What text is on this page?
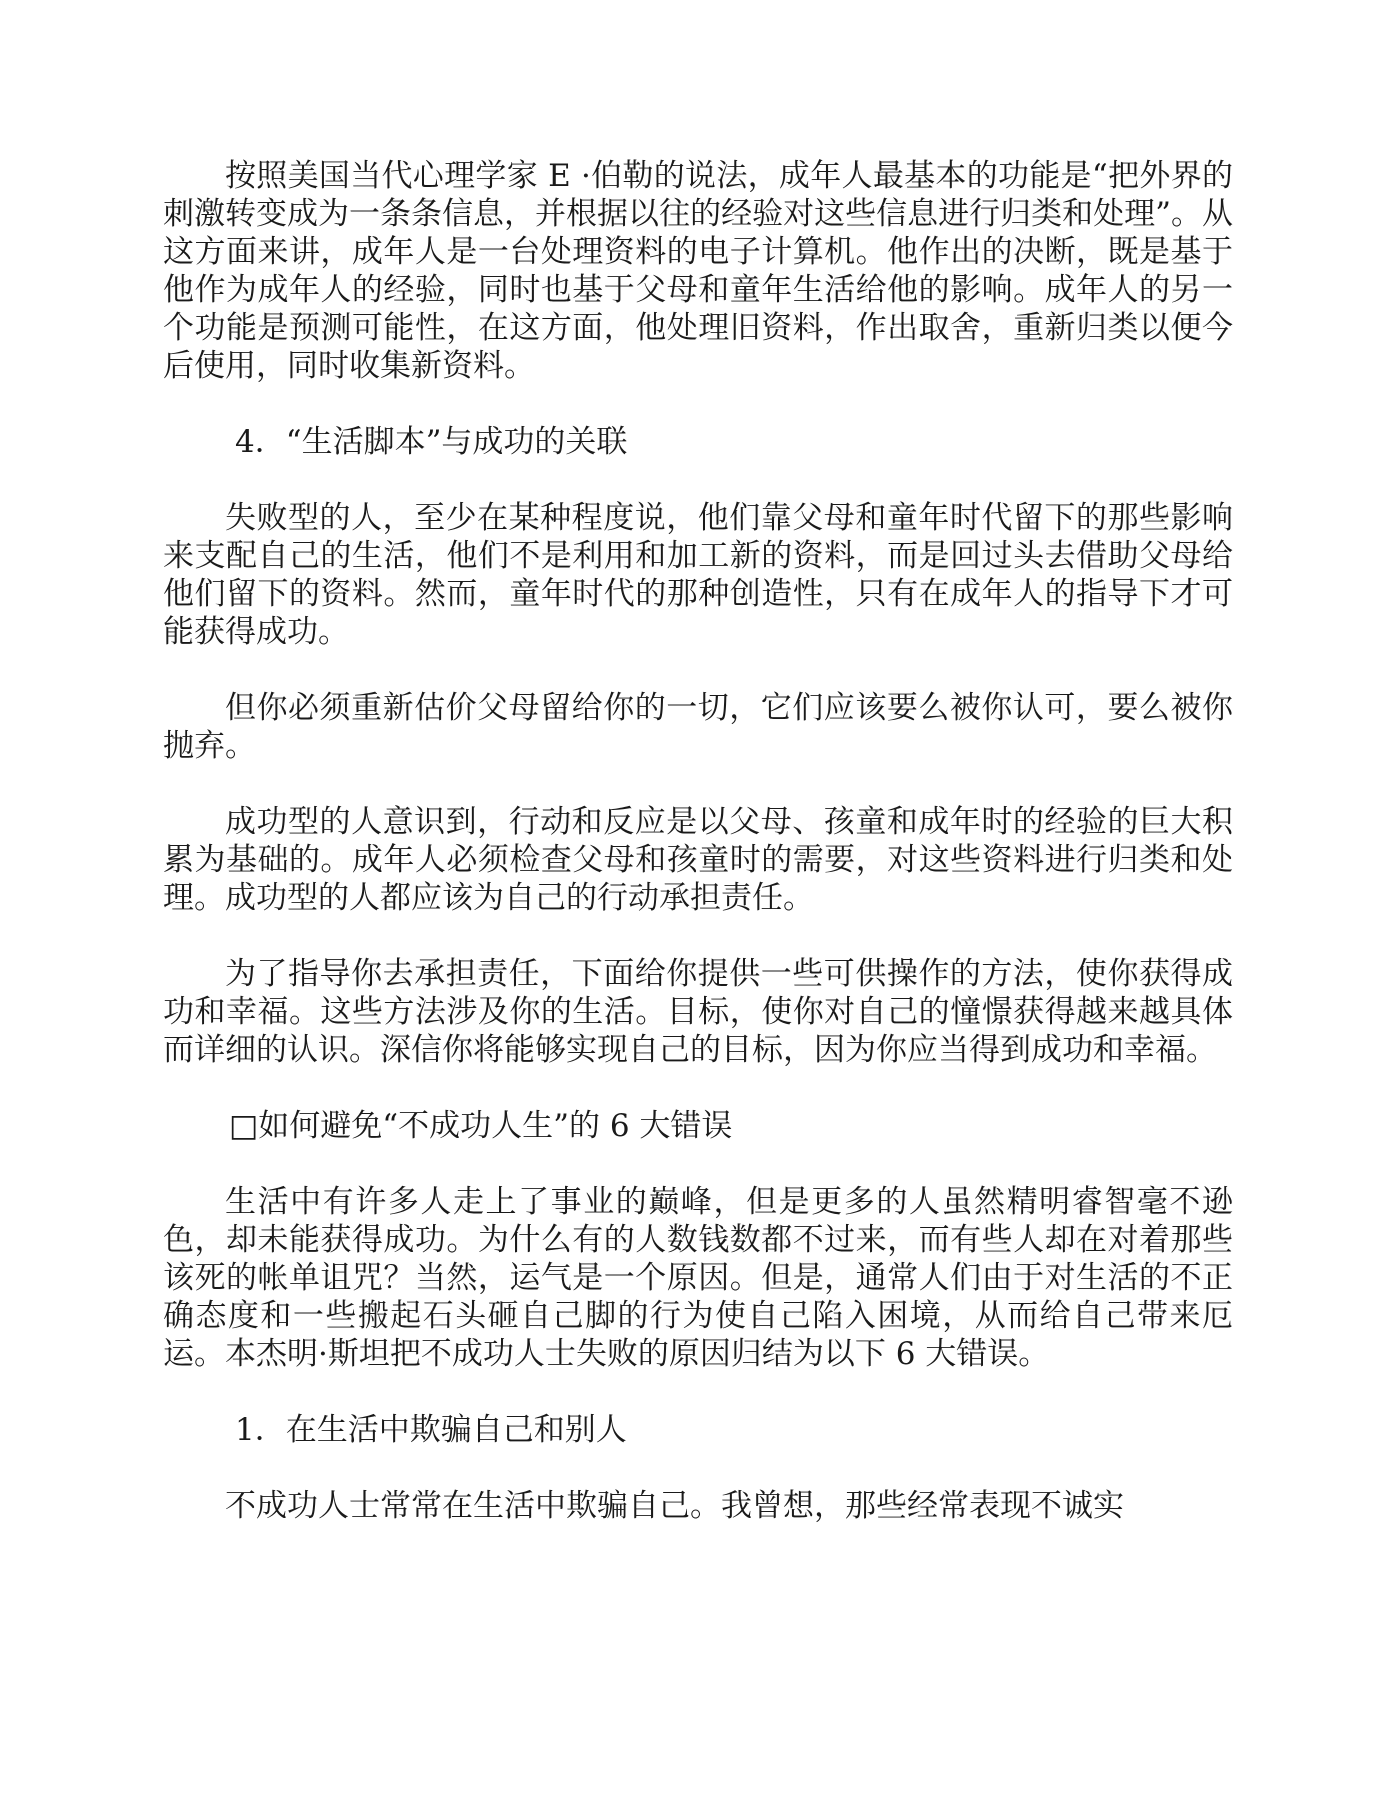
按照美国当代心理学家 E ·伯勒的说法，成年人最基本的功能是“把外界的刺激转变成为一条条信息，并根据以往的经验对这些信息进行归类和处理”。从这方面来讲，成年人是一台处理资料的电子计算机。他作出的决断，既是基于他作为成年人的经验，同时也基于父母和童年生活给他的影响。成年人的另一个功能是预测可能性，在这方面，他处理旧资料，作出取舍，重新归类以便今后使用，同时收集新资料。

4．“生活脚本”与成功的关联

失败型的人，至少在某种程度说，他们靠父母和童年时代留下的那些影响来支配自己的生活，他们不是利用和加工新的资料，而是回过头去借助父母给他们留下的资料。然而，童年时代的那种创造性，只有在成年人的指导下才可能获得成功。

但你必须重新估价父母留给你的一切，它们应该要么被你认可，要么被你抛弃。

成功型的人意识到，行动和反应是以父母、孩童和成年时的经验的巨大积累为基础的。成年人必须检查父母和孩童时的需要，对这些资料进行归类和处理。成功型的人都应该为自己的行动承担责任。

为了指导你去承担责任，下面给你提供一些可供操作的方法，使你获得成功和幸福。这些方法涉及你的生活。目标，使你对自己的憧憬获得越来越具体而详细的认识。深信你将能够实现自己的目标，因为你应当得到成功和幸福。

□如何避免“不成功人生”的 6 大错误

生活中有许多人走上了事业的巅峰，但是更多的人虽然精明睿智毫不逊色，却未能获得成功。为什么有的人数钱数都不过来，而有些人却在对着那些该死的帐单诅咒？当然，运气是一个原因。但是，通常人们由于对生活的不正确态度和一些搬起石头砸自己脚的行为使自己陷入困境，从而给自己带来厄运。本杰明·斯坦把不成功人士失败的原因归结为以下 6 大错误。

1．在生活中欺骗自己和别人

不成功人士常常在生活中欺骗自己。我曾想，那些经常表现不诚实
